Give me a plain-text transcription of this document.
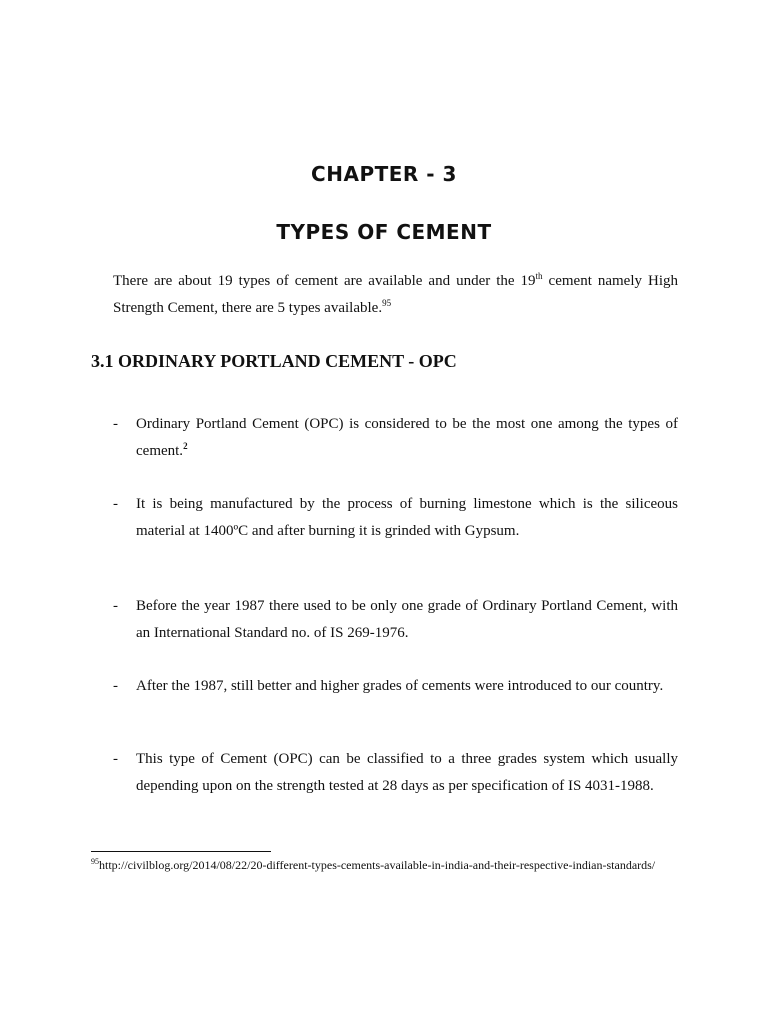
CHAPTER - 3
TYPES OF CEMENT
There are about 19 types of cement are available and under the 19th cement namely High Strength Cement, there are 5 types available.$^{95}$
3.1 ORDINARY PORTLAND CEMENT - OPC
- Ordinary Portland Cement (OPC) is considered to be the most one among the types of cement.$^2$
- It is being manufactured by the process of burning limestone which is the siliceous material at 1400ºC and after burning it is grinded with Gypsum.
- Before the year 1987 there used to be only one grade of Ordinary Portland Cement, with an International Standard no. of IS 269-1976.
- After the 1987, still better and higher grades of cements were introduced to our country.
- This type of Cement (OPC) can be classified to a three grades system which usually depending upon on the strength tested at 28 days as per specification of IS 4031-1988.
$^{95}$http://civilblog.org/2014/08/22/20-different-types-cements-available-in-india-and-their-respective-indian-standards/
